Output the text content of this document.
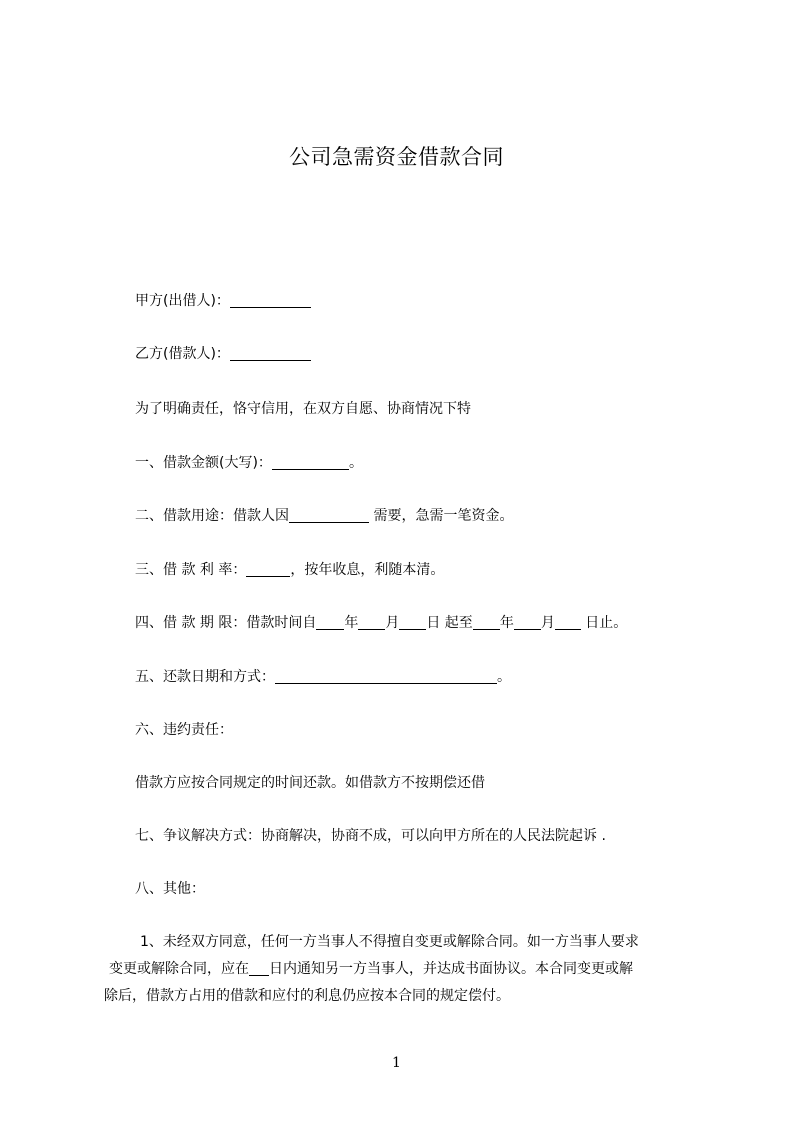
公司急需资金借款合同
甲方(出借人)：
乙方(借款人)：
为了明确责任，恪守信用，在双方自愿、协商情况下特
一、借款金额(大写)：	。
二、借款用途：借款人因	需要，急需一笔资金。
三、借 款 利 率：	，按年收息，利随本清。
四、借 款 期 限：借款时间自 年 月 日 起至 年 月 日止。
五、还款日期和方式：	。
六、违约责任：
借款方应按合同规定的时间还款。如借款方不按期偿还借
七、争议解决方式：协商解决，协商不成，可以向甲方所在的人民法院起诉 .
八、其他：
1、未经双方同意，任何一方当事人不得擅自变更或解除合同。如一方当事人要求
变更或解除合同，应在 日内通知另一方当事人，并达成书面协议。本合同变更或解
除后，借款方占用的借款和应付的利息仍应按本合同的规定偿付。
1
